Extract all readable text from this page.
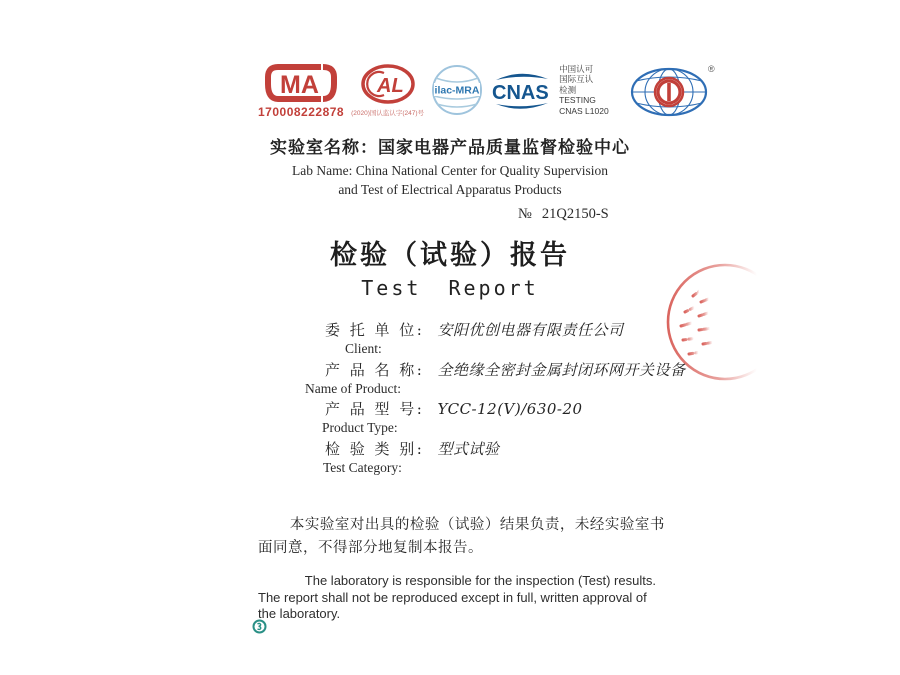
MA
170008222878
AL
(2020)国认监认字(247)号
ilac-MRA CNAS
中国认可
国际互认
检测
TESTING
CNAS L1020
®
实验室名称：国家电器产品质量监督检验中心
Lab Name: China National Center for Quality Supervision
and Test of Electrical Apparatus Products
№ 21Q2150-S
检验（试验）报告
Test Report
委 托 单 位: 安阳优创电器有限责任公司
Client:
产 品 名 称: 全绝缘全密封金属封闭环网开关设备
Name of Product:
产 品 型 号: YCC-12(V)/630-20
Product Type:
检 验 类 别: 型式试验
Test Category:

本实验室对出具的检验（试验）结果负责，未经实验室书面同意，不得部分地复制本报告。

The laboratory is responsible for the inspection (Test) results. The report shall not be reproduced except in full, written approval of the laboratory.
